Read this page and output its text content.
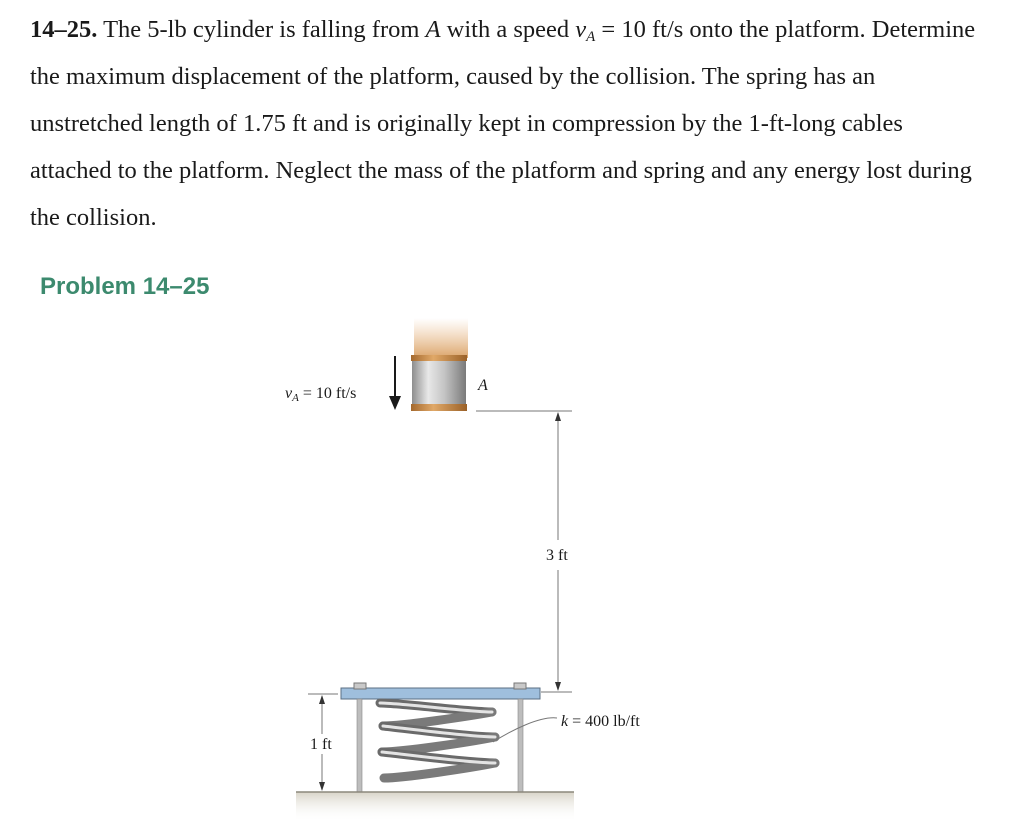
14–25. The 5-lb cylinder is falling from A with a speed $v_A = 10$ ft/s onto the platform. Determine the maximum displacement of the platform, caused by the collision. The spring has an unstretched length of 1.75 ft and is originally kept in compression by the 1-ft-long cables attached to the platform. Neglect the mass of the platform and spring and any energy lost during the collision.

Problem 14–25
vA = 10 ft/s	A
3 ft
k = 400 lb/ft
1 ft
